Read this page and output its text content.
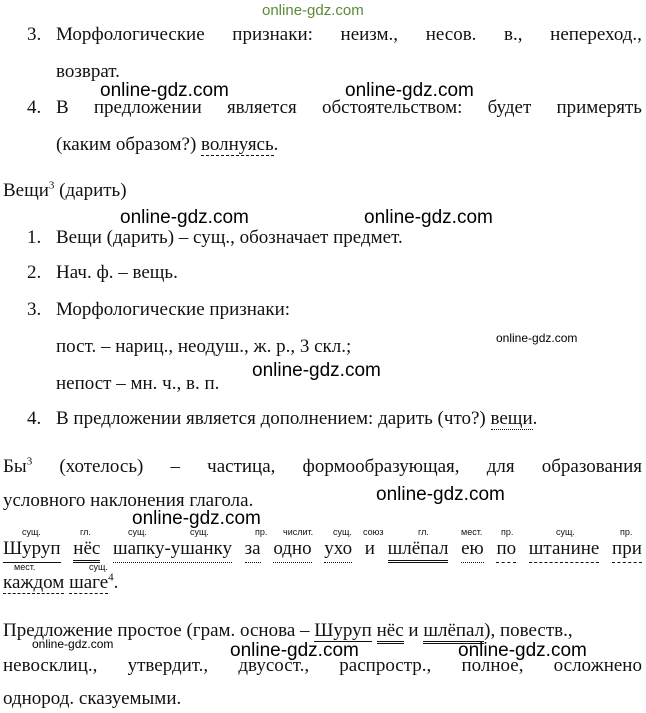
online-gdz.com
3. Морфологические признаки: неизм., несов. в., непереход.,
возврат.
online-gdz.com	online-gdz.com
4. В предложении является обстоятельством: будет примерять
(каким образом?) волнуясь.
Вещи$^3$ (дарить)
online-gdz.com	online-gdz.com
1. Вещи (дарить) – сущ., обозначает предмет.
2. Нач. ф. – вещь.
3. Морфологические признаки:
online-gdz.com
пост. – нариц., неодуш., ж. р., 3 скл.;
online-gdz.com
непост – мн. ч., в. п.
4. В предложении является дополнением: дарить (что?) вещи.
$Бы^3$ (хотелось) – частица, формообразующая, для образования
условного наклонения глагола.	online-gdz.com
сущ.	гл.	сущ.	сущ.	пр. числит. сущ. союз	гл.	мест. пр.	сущ.	пр.
online-gdz.com
Шуруп нёс шапку-ушанку за одно ухо и шлёпал ею по штанине при
мест.	сущ.
каждом шаге$^4$.
Предложение простое (грам. основа – Шуруп нёс и шлёпал), повеств.,
online-gdz.com	online-gdz.com	online-gdz.com
невосклиц., утвердит., двусост., распростр., полное, осложнено
однород. сказуемыми.
